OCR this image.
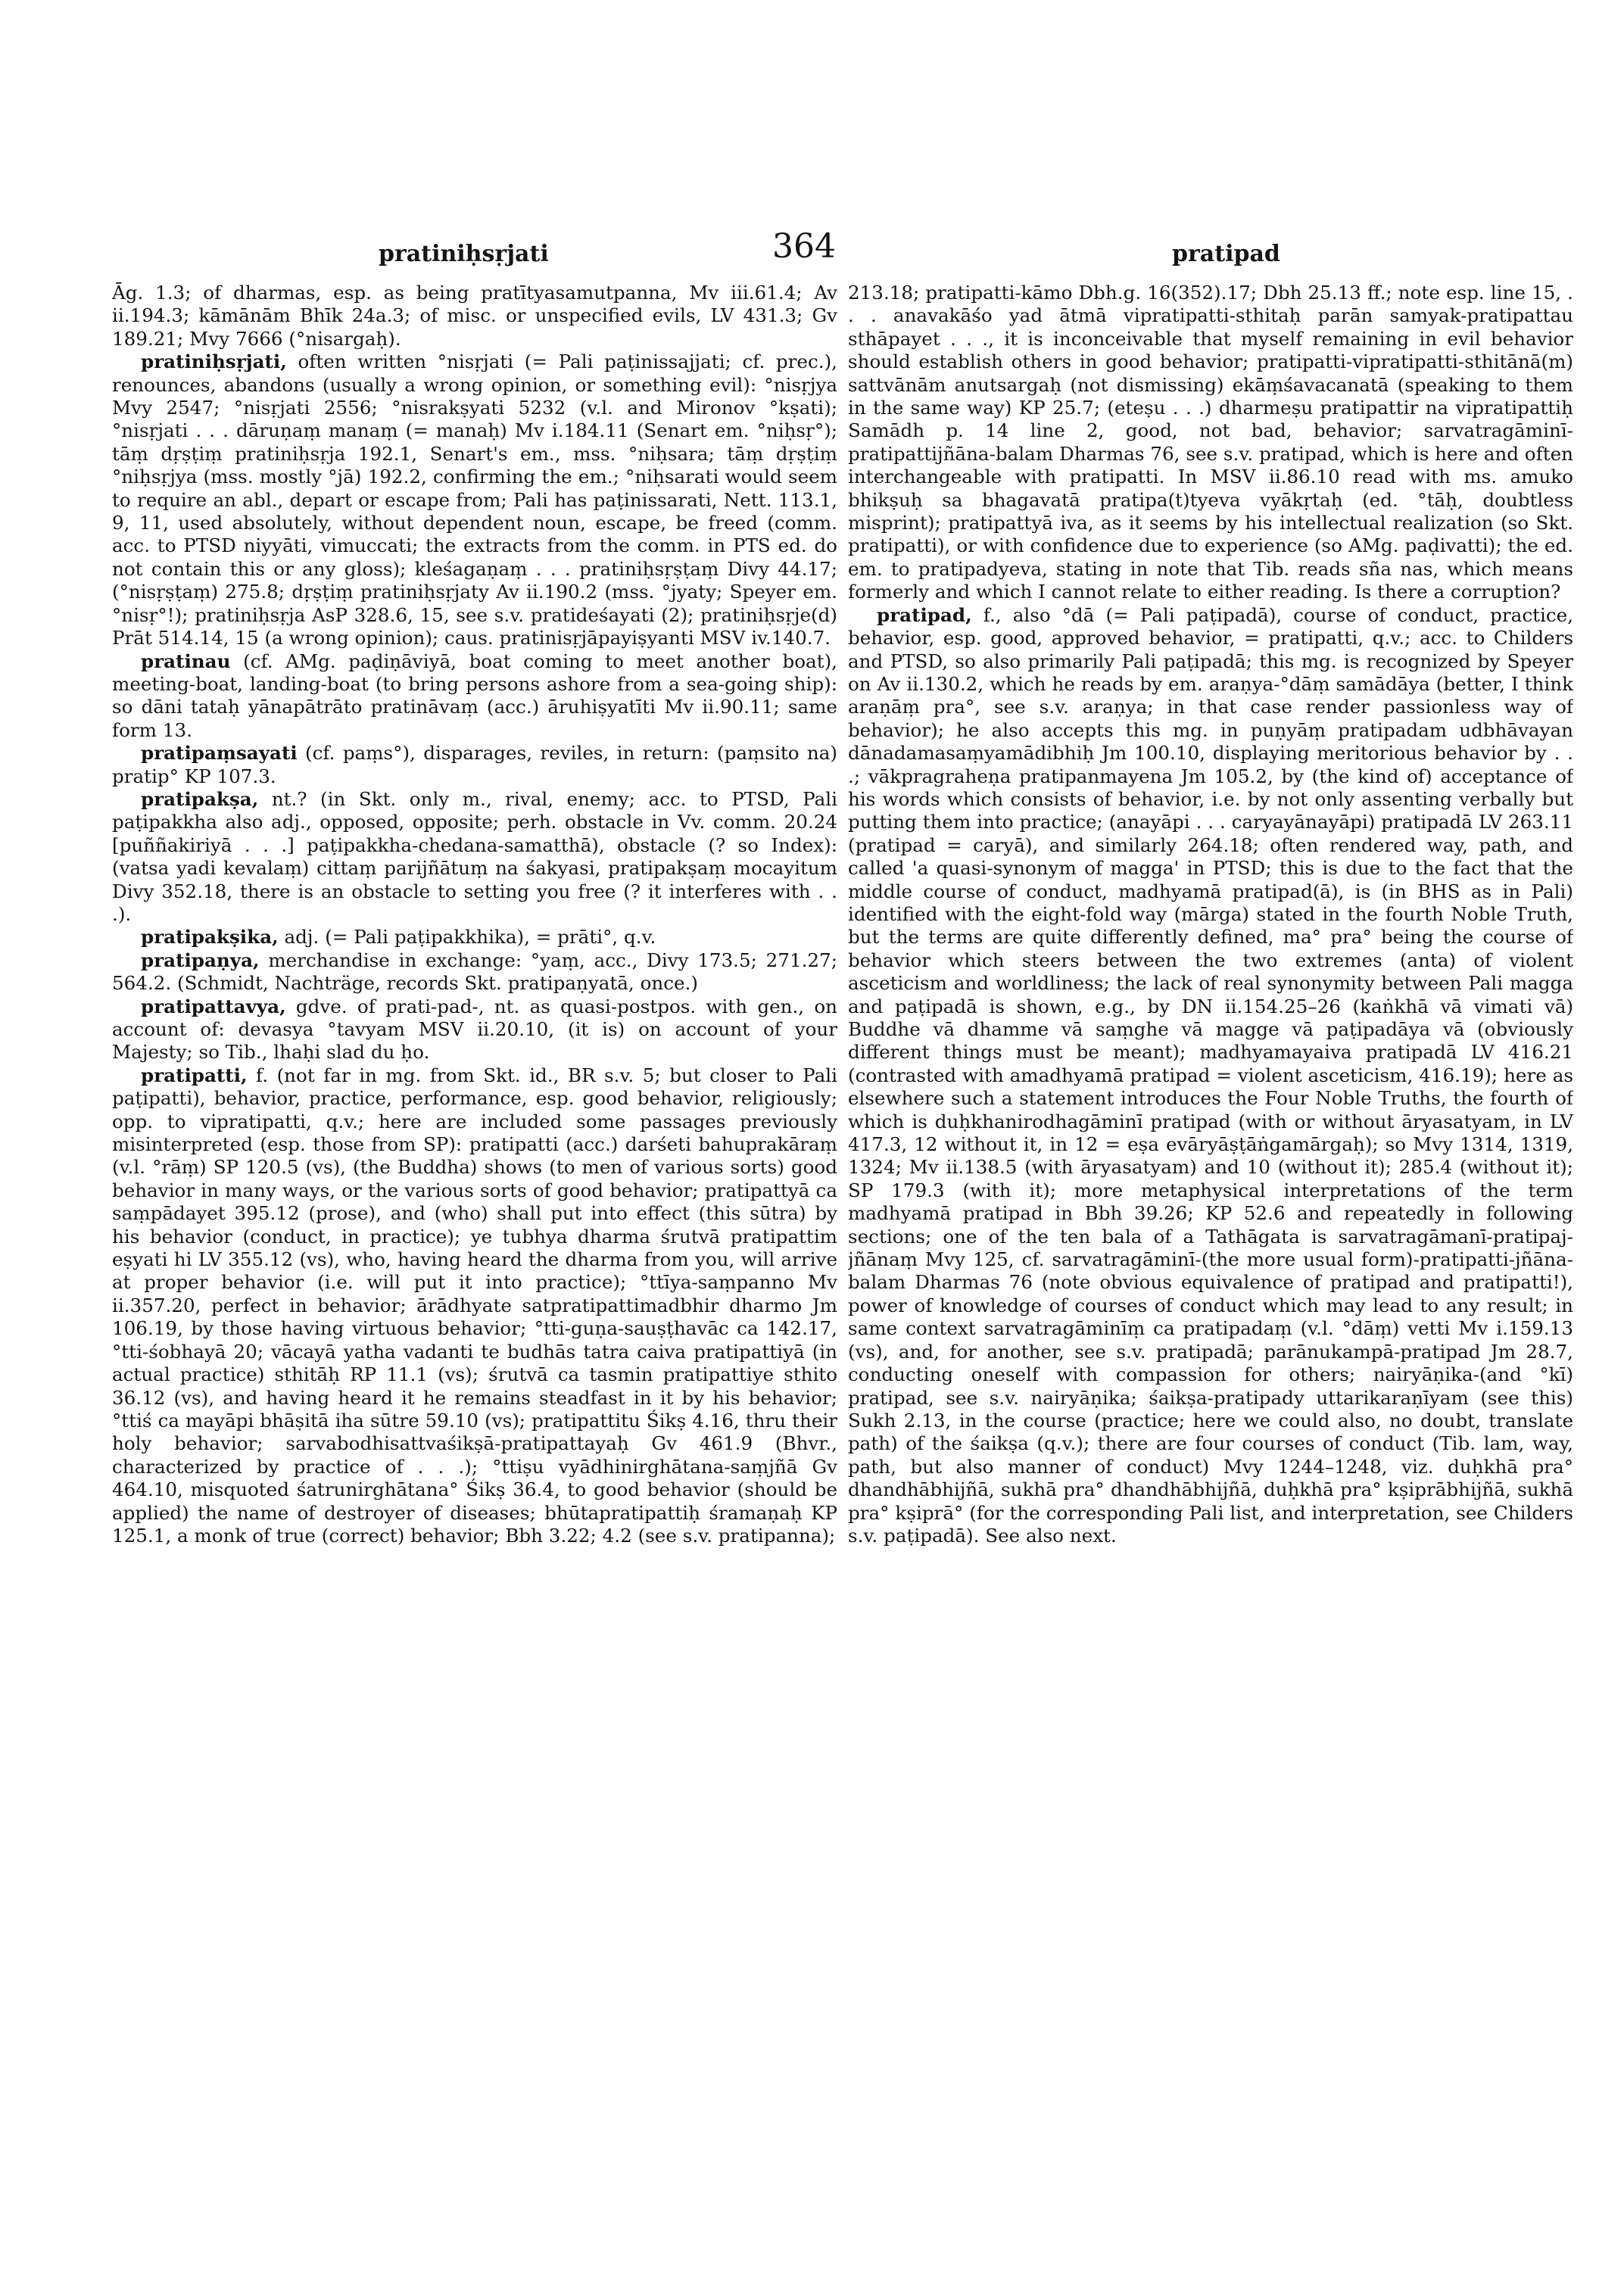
pratiniḥsṛjati	364	pratipad

Āg. 1.3; of dharmas, esp. as being pratītyasamutpanna, Mv iii.61.4; Av ii.194.3; kāmānām Bhīk 24a.3; of misc. or unspecified evils, LV 431.3; Gv 189.21; Mvy 7666 (°nisargaḥ).

pratiniḥsṛjati, often written °nisṛjati (= Pali paṭinissajjati; cf. prec.), renounces, abandons (usually a wrong opinion, or something evil): °nisṛjya Mvy 2547; °nisṛjati 2556; °nisrakṣyati 5232 (v.l. and Mironov °kṣati); °nisṛjati . . . dāruṇaṃ manaṃ (= manaḥ) Mv i.184.11 (Senart em. °niḥsṛ°); tāṃ dṛṣṭiṃ pratiniḥsṛja 192.1, Senart's em., mss. °niḥsara; tāṃ dṛṣṭiṃ °niḥsṛjya (mss. mostly °jā) 192.2, confirming the em.; °niḥsarati would seem to require an abl., depart or escape from; Pali has paṭinissarati, Nett. 113.1, 9, 11, used absolutely, without dependent noun, escape, be freed (comm. acc. to PTSD niyyāti, vimuccati; the extracts from the comm. in PTS ed. do not contain this or any gloss); kleśagaṇaṃ . . . pratiniḥsṛṣṭaṃ Divy 44.17; (°nisṛṣṭaṃ) 275.8; dṛṣṭiṃ pratiniḥsṛjaty Av ii.190.2 (mss. °jyaty; Speyer em. °nisṛ°!); pratiniḥsṛja AsP 328.6, 15, see s.v. pratideśayati (2); pratiniḥsṛje(d) Prāt 514.14, 15 (a wrong opinion); caus. pratinisṛjāpayiṣyanti MSV iv.140.7.

pratinau (cf. AMg. paḍiṇāviyā, boat coming to meet another boat), meeting-boat, landing-boat (to bring persons ashore from a sea-going ship): so dāni tataḥ yānapātrāto pratināvaṃ (acc.) āruhiṣyatīti Mv ii.90.11; same form 13.

pratipaṃsayati (cf. paṃs°), disparages, reviles, in return: (paṃsito na) pratip° KP 107.3.

pratipakṣa, nt.? (in Skt. only m., rival, enemy; acc. to PTSD, Pali paṭipakkha also adj., opposed, opposite; perh. obstacle in Vv. comm. 20.24 [puññakiriyā . . .] paṭipakkha-chedana-samatthā), obstacle (? so Index): (vatsa yadi kevalaṃ) cittaṃ parijñātuṃ na śakyasi, pratipakṣaṃ mocayitum Divy 352.18, there is an obstacle to setting you free (? it interferes with . . .).

pratipakṣika, adj. (= Pali paṭipakkhika), = prāti°, q.v.

pratipaṇya, merchandise in exchange: °yaṃ, acc., Divy 173.5; 271.27; 564.2. (Schmidt, Nachträge, records Skt. pratipaṇyatā, once.)

pratipattavya, gdve. of prati-pad-, nt. as quasi-postpos. with gen., on account of: devasya °tavyam MSV ii.20.10, (it is) on account of your Majesty; so Tib., lhaḥi slad du ḥo.

pratipatti, f. (not far in mg. from Skt. id., BR s.v. 5; but closer to Pali paṭipatti), behavior, practice, performance, esp. good behavior, religiously; opp. to vipratipatti, q.v.; here are included some passages previously misinterpreted (esp. those from SP): pratipatti (acc.) darśeti bahuprakāraṃ (v.l. °rāṃ) SP 120.5 (vs), (the Buddha) shows (to men of various sorts) good behavior in many ways, or the various sorts of good behavior; pratipattyā ca saṃpādayet 395.12 (prose), and (who) shall put into effect (this sūtra) by his behavior (conduct, in practice); ye tubhya dharma śrutvā pratipattim eṣyati hi LV 355.12 (vs), who, having heard the dharma from you, will arrive at proper behavior (i.e. will put it into practice); °ttīya-saṃpanno Mv ii.357.20, perfect in behavior; ārādhyate satpratipattimadbhir dharmo Jm 106.19, by those having virtuous behavior; °tti-guṇa-sauṣṭhavāc ca 142.17, °tti-śobhayā 20; vācayā yatha vadanti te budhās tatra caiva pratipattiyā (in actual practice) sthitāḥ RP 11.1 (vs); śrutvā ca tasmin pratipattiye sthito 36.12 (vs), and having heard it he remains steadfast in it by his behavior; °ttiś ca mayāpi bhāṣitā iha sūtre 59.10 (vs); pratipattitu Śikṣ 4.16, thru their holy behavior; sarvabodhisattvaśikṣā-pratipattayaḥ Gv 461.9 (Bhvr., characterized by practice of . . .); °ttiṣu vyādhinirghātana-saṃjñā Gv 464.10, misquoted śatrunirghātana° Śikṣ 36.4, to good behavior (should be applied) the name of destroyer of diseases; bhūtapratipattiḥ śramaṇaḥ KP 125.1, a monk of true (correct) behavior; Bbh 3.22; 4.2 (see s.v. pratipanna);

213.18; pratipatti-kāmo Dbh.g. 16(352).17; Dbh 25.13 ff.; note esp. line 15, . . . anavakāśo yad ātmā vipratipatti-sthitaḥ parān samyak-pratipattau sthāpayet . . ., it is inconceivable that myself remaining in evil behavior should establish others in good behavior; pratipatti-vipratipatti-sthitānā(m) sattvānām anutsargaḥ (not dismissing) ekāṃśavacanatā (speaking to them in the same way) KP 25.7; (eteṣu . . .) dharmeṣu pratipattir na vipratipattiḥ Samādh p. 14 line 2, good, not bad, behavior; sarvatragāminī-pratipattijñāna-balam Dharmas 76, see s.v. pratipad, which is here and often interchangeable with pratipatti. In MSV ii.86.10 read with ms. amuko bhikṣuḥ sa bhagavatā pratipa(t)tyeva vyākṛtaḥ (ed. °tāḥ, doubtless misprint); pratipattyā iva, as it seems by his intellectual realization (so Skt. pratipatti), or with confidence due to experience (so AMg. paḍivatti); the ed. em. to pratipadyeva, stating in note that Tib. reads sña nas, which means formerly and which I cannot relate to either reading. Is there a corruption?

pratipad, f., also °dā (= Pali paṭipadā), course of conduct, practice, behavior, esp. good, approved behavior, = pratipatti, q.v.; acc. to Childers and PTSD, so also primarily Pali paṭipadā; this mg. is recognized by Speyer on Av ii.130.2, which he reads by em. araṇya-°dāṃ samādāya (better, I think araṇāṃ pra°, see s.v. araṇya; in that case render passionless way of behavior); he also accepts this mg. in puṇyāṃ pratipadam udbhāvayan dānadamasaṃyamādibhiḥ Jm 100.10, displaying meritorious behavior by . . .; vākpragraheṇa pratipanmayena Jm 105.2, by (the kind of) acceptance of his words which consists of behavior, i.e. by not only assenting verbally but putting them into practice; (anayāpi . . . caryayānayāpi) pratipadā LV 263.11 (pratipad = caryā), and similarly 264.18; often rendered way, path, and called 'a quasi-synonym of magga' in PTSD; this is due to the fact that the middle course of conduct, madhyamā pratipad(ā), is (in BHS as in Pali) identified with the eight-fold way (mārga) stated in the fourth Noble Truth, but the terms are quite differently defined, ma° pra° being the course of behavior which steers between the two extremes (anta) of violent asceticism and worldliness; the lack of real synonymity between Pali magga and paṭipadā is shown, e.g., by DN ii.154.25–26 (kaṅkhā vā vimati vā) Buddhe vā dhamme vā saṃghe vā magge vā paṭipadāya vā (obviously different things must be meant); madhyamayaiva pratipadā LV 416.21 (contrasted with amadhyamā pratipad = violent asceticism, 416.19); here as elsewhere such a statement introduces the Four Noble Truths, the fourth of which is duḥkhanirodhagāminī pratipad (with or without āryasatyam, in LV 417.3, 12 without it, in 12 = eṣa evāryāṣṭāṅgamārgaḥ); so Mvy 1314, 1319, 1324; Mv ii.138.5 (with āryasatyam) and 10 (without it); 285.4 (without it); SP 179.3 (with it); more metaphysical interpretations of the term madhyamā pratipad in Bbh 39.26; KP 52.6 and repeatedly in following sections; one of the ten bala of a Tathāgata is sarvatragāmanī-pratipaj-jñānaṃ Mvy 125, cf. sarvatragāminī-(the more usual form)-pratipatti-jñāna-balam Dharmas 76 (note obvious equivalence of pratipad and pratipatti!), power of knowledge of courses of conduct which may lead to any result; in same context sarvatragāminīṃ ca pratipadaṃ (v.l. °dāṃ) vetti Mv i.159.13 (vs), and, for another, see s.v. pratipadā; parānukampā-pratipad Jm 28.7, conducting oneself with compassion for others; nairyāṇika-(and °kī) pratipad, see s.v. nairyāṇika; śaikṣa-pratipady uttarikaraṇīyam (see this) Sukh 2.13, in the course (practice; here we could also, no doubt, translate path) of the śaikṣa (q.v.); there are four courses of conduct (Tib. lam, way, path, but also manner of conduct) Mvy 1244–1248, viz. duḥkhā pra° dhandhābhijñā, sukhā pra° dhandhābhijñā, duḥkhā pra° kṣiprābhijñā, sukhā pra° kṣiprā° (for the corresponding Pali list, and interpretation, see Childers s.v. paṭipadā). See also next.
